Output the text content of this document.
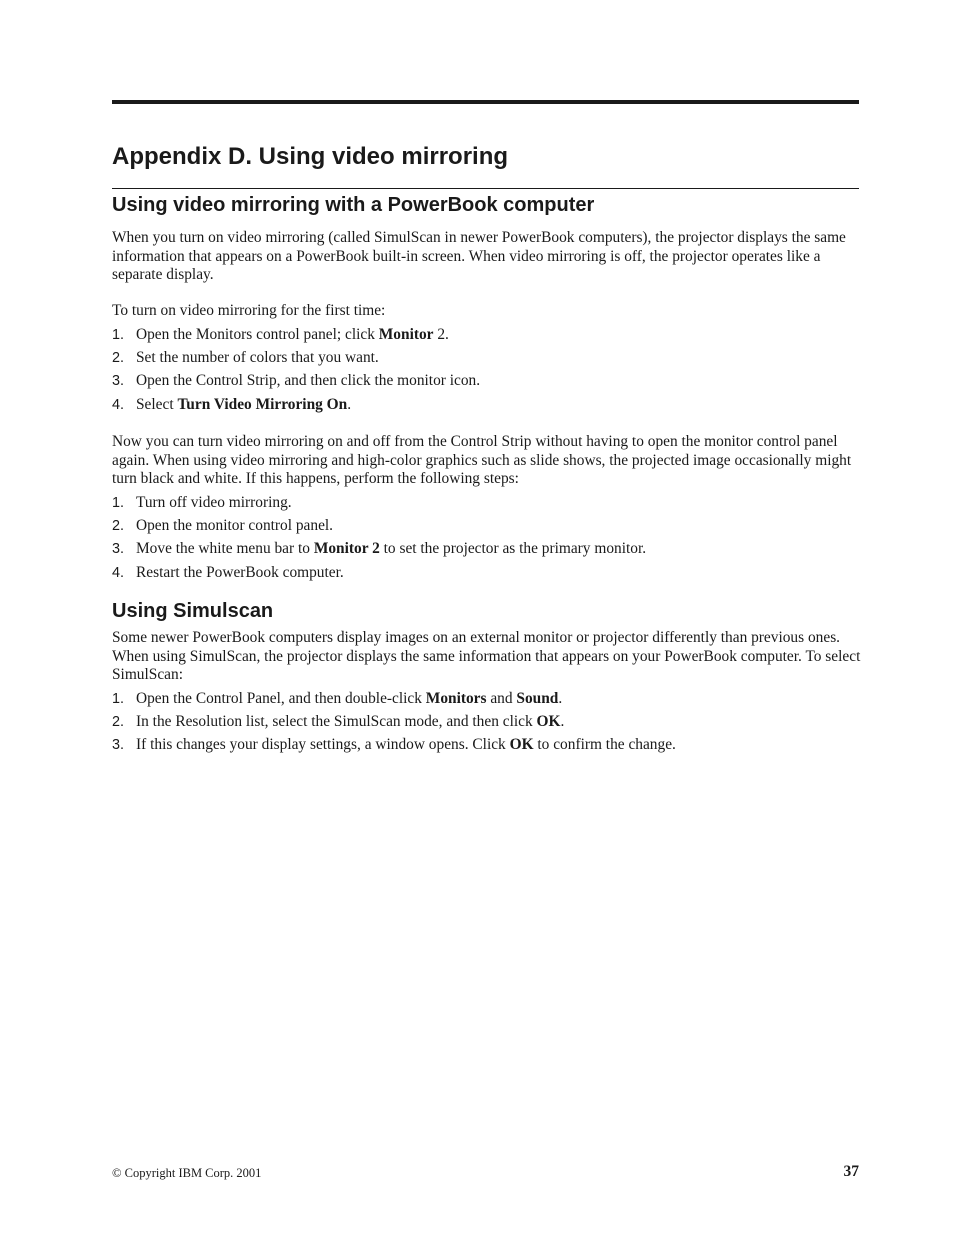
Appendix D. Using video mirroring
Using video mirroring with a PowerBook computer

When you turn on video mirroring (called SimulScan in newer PowerBook computers), the projector displays the same information that appears on a PowerBook built-in screen. When video mirroring is off, the projector operates like a separate display.

To turn on video mirroring for the first time:

1. Open the Monitors control panel; click Monitor 2.
2. Set the number of colors that you want.
3. Open the Control Strip, and then click the monitor icon.
4. Select Turn Video Mirroring On.

Now you can turn video mirroring on and off from the Control Strip without having to open the monitor control panel again. When using video mirroring and high-color graphics such as slide shows, the projected image occasionally might turn black and white. If this happens, perform the following steps:

1. Turn off video mirroring.
2. Open the monitor control panel.
3. Move the white menu bar to Monitor 2 to set the projector as the primary monitor.
4. Restart the PowerBook computer.
Using Simulscan

Some newer PowerBook computers display images on an external monitor or projector differently than previous ones. When using SimulScan, the projector displays the same information that appears on your PowerBook computer. To select SimulScan:

1. Open the Control Panel, and then double-click Monitors and Sound.
2. In the Resolution list, select the SimulScan mode, and then click OK.
3. If this changes your display settings, a window opens. Click OK to confirm the change.
© Copyright IBM Corp. 2001	37
